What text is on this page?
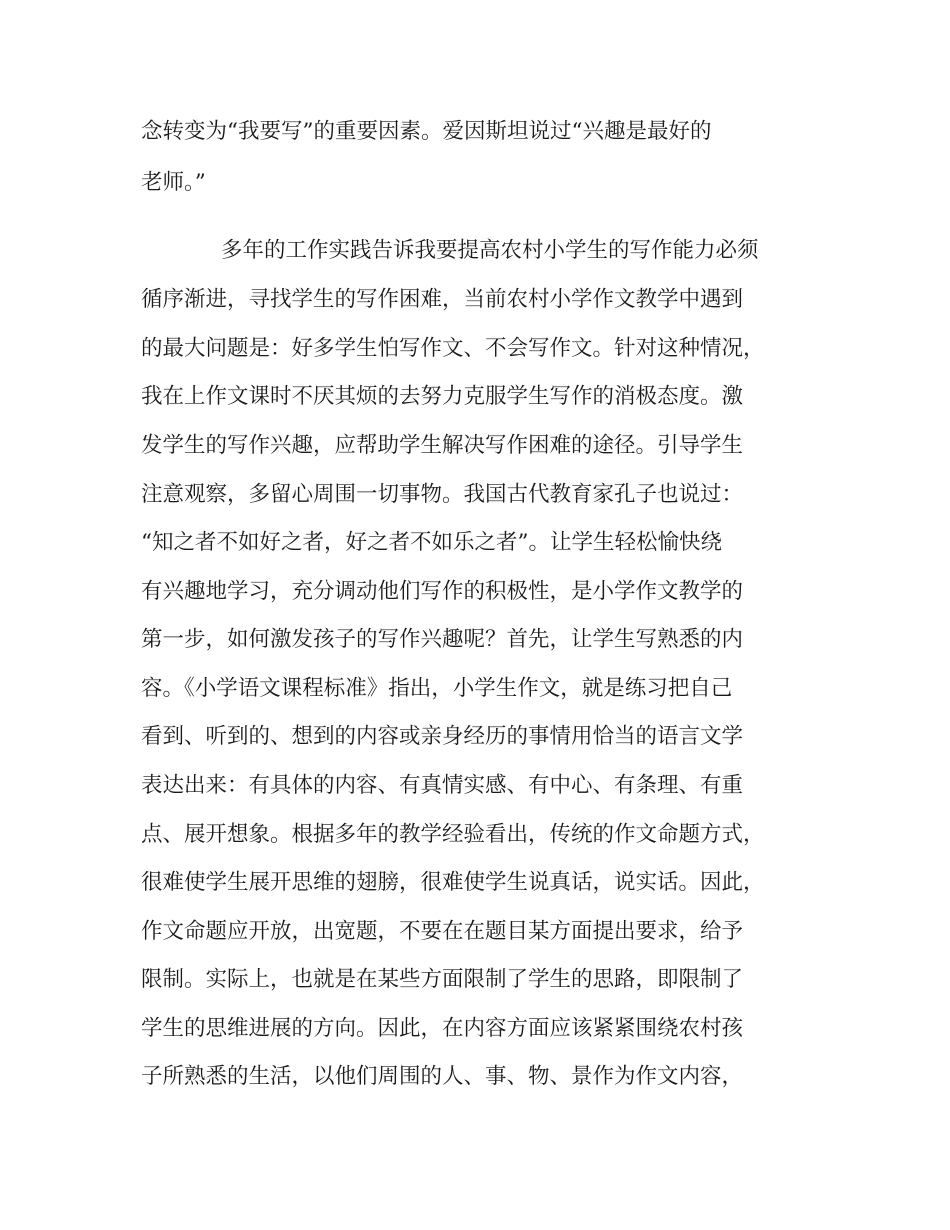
念转变为“我要写”的重要因素。爱因斯坦说过“兴趣是最好的
老师。”
多年的工作实践告诉我要提高农村小学生的写作能力必须
循序渐进，寻找学生的写作困难，当前农村小学作文教学中遇到
的最大问题是：好多学生怕写作文、不会写作文。针对这种情况，
我在上作文课时不厌其烦的去努力克服学生写作的消极态度。激
发学生的写作兴趣，应帮助学生解决写作困难的途径。引导学生
注意观察，多留心周围一切事物。我国古代教育家孔子也说过：
“知之者不如好之者，好之者不如乐之者”。让学生轻松愉快绕
有兴趣地学习，充分调动他们写作的积极性，是小学作文教学的
第一步，如何激发孩子的写作兴趣呢？首先，让学生写熟悉的内
容。《小学语文课程标准》指出，小学生作文，就是练习把自己
看到、听到的、想到的内容或亲身经历的事情用恰当的语言文学
表达出来：有具体的内容、有真情实感、有中心、有条理、有重
点、展开想象。根据多年的教学经验看出，传统的作文命题方式，
很难使学生展开思维的翅膀，很难使学生说真话，说实话。因此，
作文命题应开放，出宽题，不要在在题目某方面提出要求，给予
限制。实际上，也就是在某些方面限制了学生的思路，即限制了
学生的思维进展的方向。因此，在内容方面应该紧紧围绕农村孩
子所熟悉的生活，以他们周围的人、事、物、景作为作文内容，
